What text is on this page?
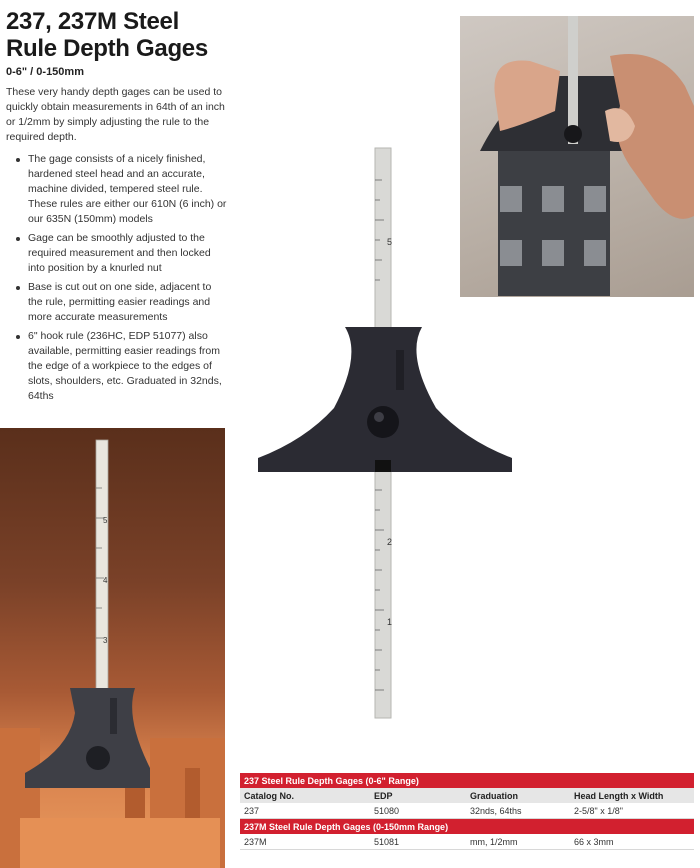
237, 237M Steel
Rule Depth Gages
0-6" / 0-150mm
These very handy depth gages can be used to quickly obtain measurements in 64th of an inch or 1/2mm by simply adjusting the rule to the required depth.
The gage consists of a nicely finished, hardened steel head and an accurate, machine divided, tempered steel rule. These rules are either our 610N (6 inch) or our 635N (150mm) models
Gage can be smoothly adjusted to the required measurement and then locked into position by a knurled nut
Base is cut out on one side, adjacent to the rule, permitting easier readings and more accurate measurements
6" hook rule (236HC, EDP 51077) also available, permitting easier readings from the edge of a workpiece to the edges of slots, shoulders, etc. Graduated in 32nds, 64ths
5
2
1
5
4
3
237 Steel Rule Depth Gages (0-6" Range)			
Catalog No.	EDP	Graduation	Head Length x Width
237	51080	32nds, 64ths	2-5/8" x 1/8"
237M Steel Rule Depth Gages (0-150mm Range)			
237M	51081	mm, 1/2mm	66 x 3mm
